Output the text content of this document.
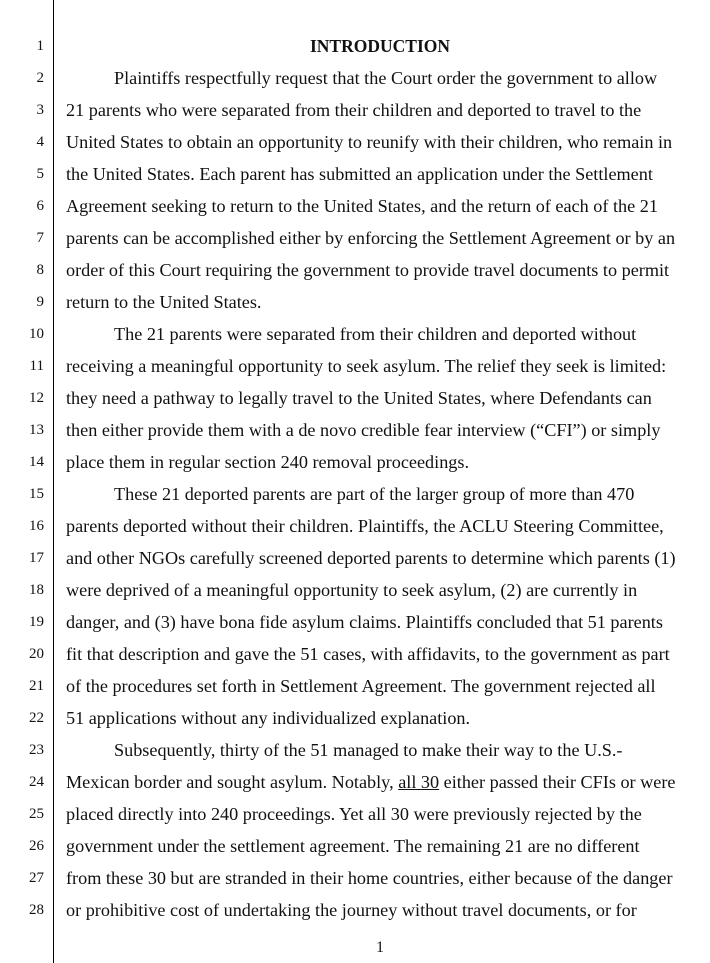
1
2
3
4
5
6
7
8
9
10
11
12
13
14
15
16
17
18
19
20
21
22
23
24
25
26
27
28
INTRODUCTION
Plaintiffs respectfully request that the Court order the government to allow
21 parents who were separated from their children and deported to travel to the
United States to obtain an opportunity to reunify with their children, who remain in
the United States. Each parent has submitted an application under the Settlement
Agreement seeking to return to the United States, and the return of each of the 21
parents can be accomplished either by enforcing the Settlement Agreement or by an
order of this Court requiring the government to provide travel documents to permit
return to the United States.
The 21 parents were separated from their children and deported without
receiving a meaningful opportunity to seek asylum. The relief they seek is limited:
they need a pathway to legally travel to the United States, where Defendants can
then either provide them with a de novo credible fear interview (“CFI”) or simply
place them in regular section 240 removal proceedings.
These 21 deported parents are part of the larger group of more than 470
parents deported without their children. Plaintiffs, the ACLU Steering Committee,
and other NGOs carefully screened deported parents to determine which parents (1)
were deprived of a meaningful opportunity to seek asylum, (2) are currently in
danger, and (3) have bona fide asylum claims. Plaintiffs concluded that 51 parents
fit that description and gave the 51 cases, with affidavits, to the government as part
of the procedures set forth in Settlement Agreement. The government rejected all
51 applications without any individualized explanation.
Subsequently, thirty of the 51 managed to make their way to the U.S.-
Mexican border and sought asylum. Notably, all 30 either passed their CFIs or were
placed directly into 240 proceedings. Yet all 30 were previously rejected by the
government under the settlement agreement. The remaining 21 are no different
from these 30 but are stranded in their home countries, either because of the danger
or prohibitive cost of undertaking the journey without travel documents, or for
1
